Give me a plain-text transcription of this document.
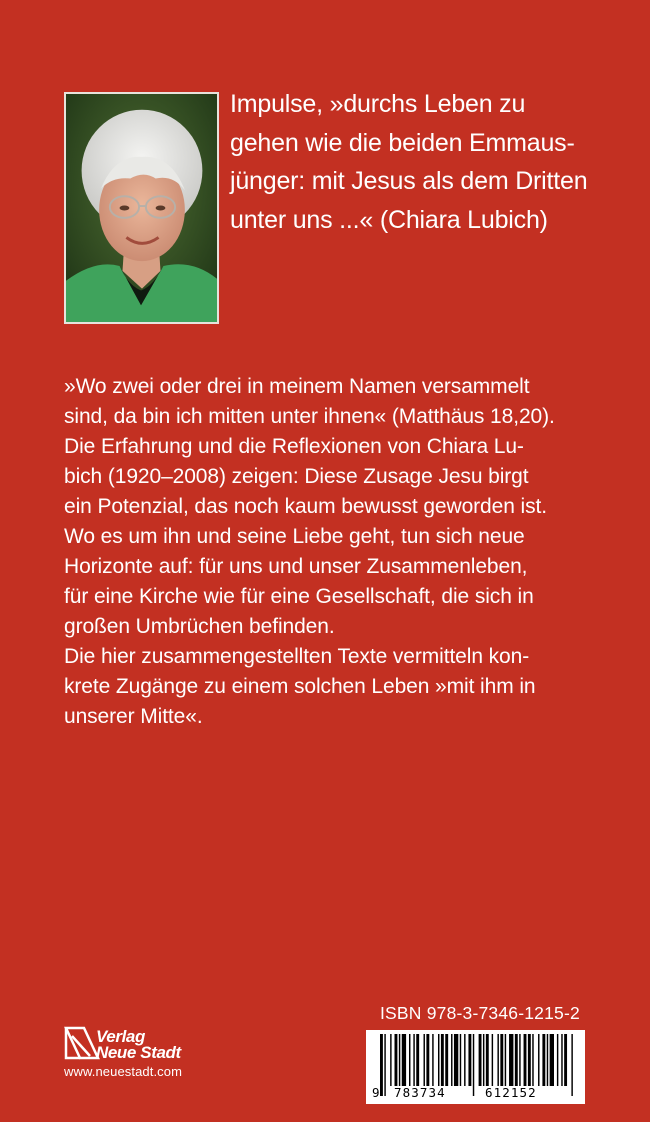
Impulse, »durchs Leben zu
gehen wie die beiden Emmaus-
jünger: mit Jesus als dem Dritten
unter uns ...« (Chiara Lubich)
»Wo zwei oder drei in meinem Namen versammelt
sind, da bin ich mitten unter ihnen« (Matthäus 18,20).
Die Erfahrung und die Reflexionen von Chiara Lu-
bich (1920–2008) zeigen: Diese Zusage Jesu birgt
ein Potenzial, das noch kaum bewusst geworden ist.
Wo es um ihn und seine Liebe geht, tun sich neue
Horizonte auf: für uns und unser Zusammenleben,
für eine Kirche wie für eine Gesellschaft, die sich in
großen Umbrüchen befinden.
Die hier zusammengestellten Texte vermitteln kon-
krete Zugänge zu einem solchen Leben »mit ihm in
unserer Mitte«.
Verlag
Neue Stadt
www.neuestadt.com
ISBN 978-3-7346-1215-2
9 783734	612152
